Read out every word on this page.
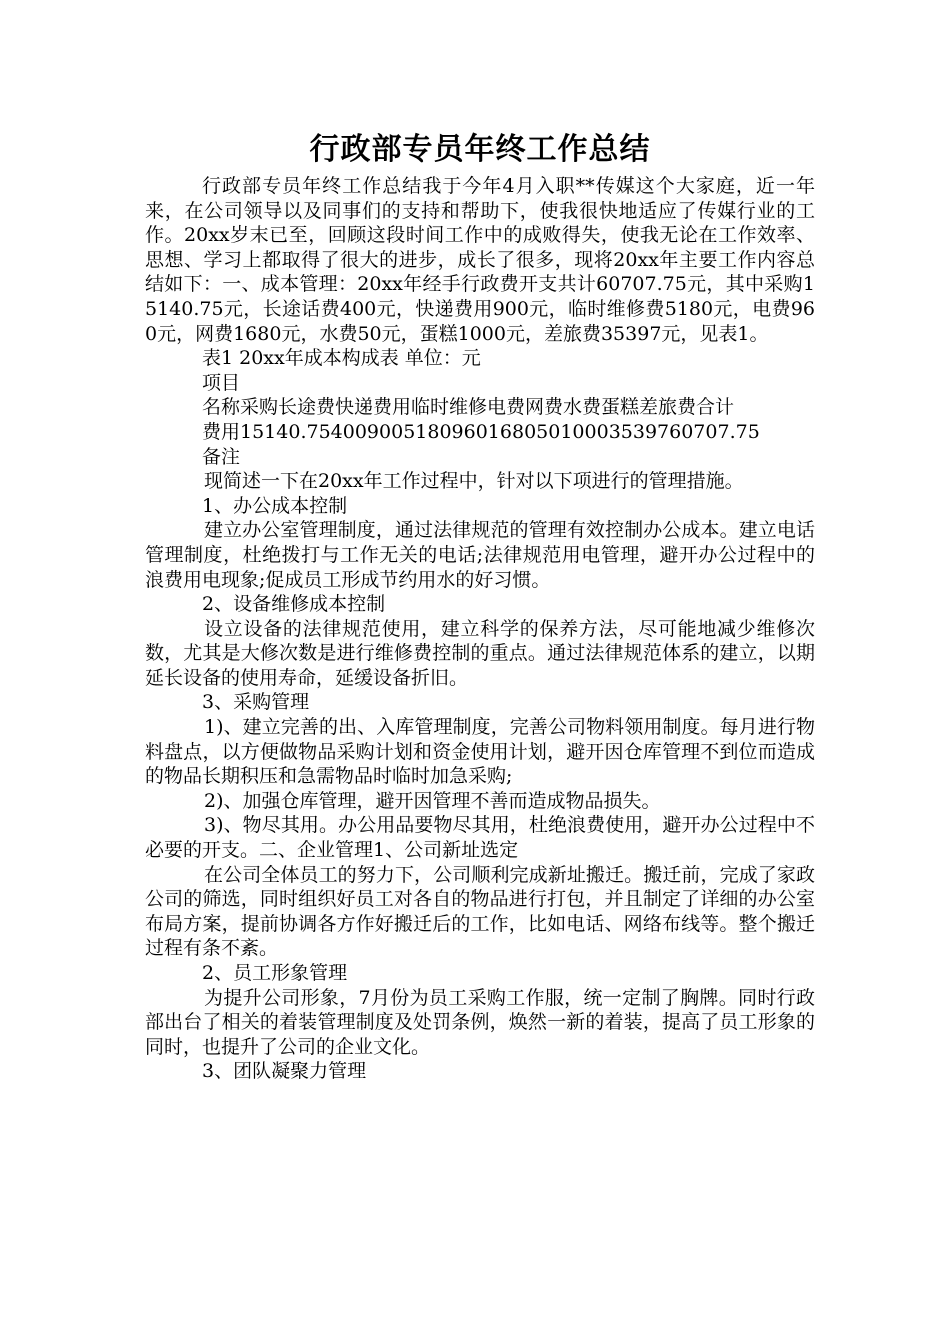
行政部专员年终工作总结

行政部专员年终工作总结我于今年4月入职**传媒这个大家庭，近一年来，在公司领导以及同事们的支持和帮助下，使我很快地适应了传媒行业的工作。20xx岁末已至，回顾这段时间工作中的成败得失，使我无论在工作效率、思想、学习上都取得了很大的进步，成长了很多，现将20xx年主要工作内容总结如下：一、成本管理：20xx年经手行政费开支共计60707.75元，其中采购15140.75元，长途话费400元，快递费用900元，临时维修费5180元，电费960元，网费1680元，水费50元，蛋糕1000元，差旅费35397元，见表1。

表1 20xx年成本构成表 单位：元

项目

名称采购长途费快递费用临时维修电费网费水费蛋糕差旅费合计

费用15140.75400900518096016805010003539760707.75

备注

现简述一下在20xx年工作过程中，针对以下项进行的管理措施。

1、办公成本控制

建立办公室管理制度，通过法律规范的管理有效控制办公成本。建立电话管理制度，杜绝拨打与工作无关的电话;法律规范用电管理，避开办公过程中的浪费用电现象;促成员工形成节约用水的好习惯。

2、设备维修成本控制

设立设备的法律规范使用，建立科学的保养方法，尽可能地减少维修次数，尤其是大修次数是进行维修费控制的重点。通过法律规范体系的建立，以期延长设备的使用寿命，延缓设备折旧。

3、采购管理

1)、建立完善的出、入库管理制度，完善公司物料领用制度。每月进行物料盘点，以方便做物品采购计划和资金使用计划，避开因仓库管理不到位而造成的物品长期积压和急需物品时临时加急采购;

2)、加强仓库管理，避开因管理不善而造成物品损失。

3)、物尽其用。办公用品要物尽其用，杜绝浪费使用，避开办公过程中不必要的开支。二、企业管理1、公司新址选定

在公司全体员工的努力下，公司顺利完成新址搬迁。搬迁前，完成了家政公司的筛选，同时组织好员工对各自的物品进行打包，并且制定了详细的办公室布局方案，提前协调各方作好搬迁后的工作，比如电话、网络布线等。整个搬迁过程有条不紊。

2、员工形象管理

为提升公司形象，7月份为员工采购工作服，统一定制了胸牌。同时行政部出台了相关的着装管理制度及处罚条例，焕然一新的着装，提高了员工形象的同时，也提升了公司的企业文化。

3、团队凝聚力管理
